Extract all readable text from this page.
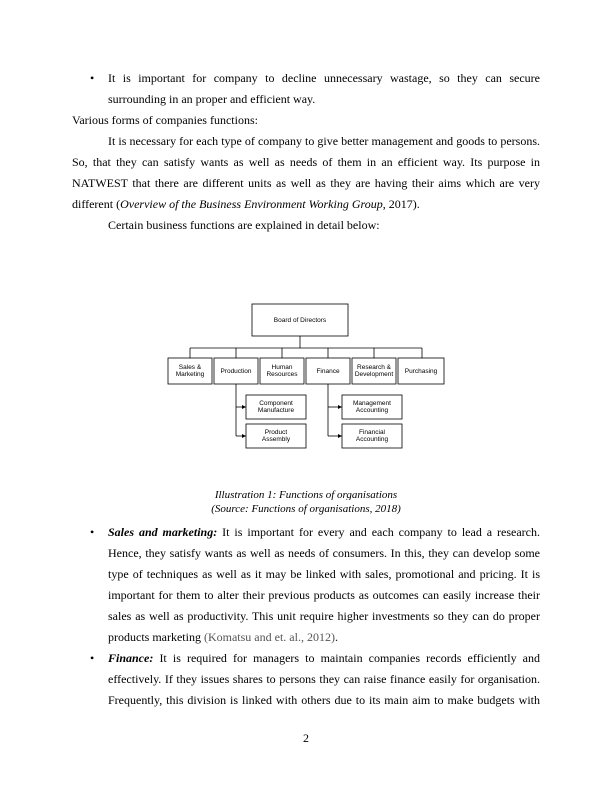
• It is important for company to decline unnecessary wastage, so they can secure

surrounding in an proper and efficient way.

Various forms of companies functions:

It is necessary for each type of company to give better management and goods to persons.

So, that they can satisfy wants as well as needs of them in an efficient way. Its purpose in

NATWEST that there are different units as well as they are having their aims which are very

different (Overview of the Business Environment Working Group, 2017).

Certain business functions are explained in detail below:

Board of Directors
Sales &
Marketing Production	Human
Resources	Finance	Research &
Development Purchasing
Component
Manufacture
Product
Assembly
Management
Accounting
Financial
Accounting
Illustration 1: Functions of organisations
(Source: Functions of organisations, 2018)
• Sales and marketing: It is important for every and each company to lead a research.

Hence, they satisfy wants as well as needs of consumers. In this, they can develop some

type of techniques as well as it may be linked with sales, promotional and pricing. It is

important for them to alter their previous products as outcomes can easily increase their

sales as well as productivity. This unit require higher investments so they can do proper

products marketing (Komatsu and et. al., 2012).

• Finance: It is required for managers to maintain companies records efficiently and

effectively. If they issues shares to persons they can raise finance easily for organisation.

Frequently, this division is linked with others due to its main aim to make budgets with

2
